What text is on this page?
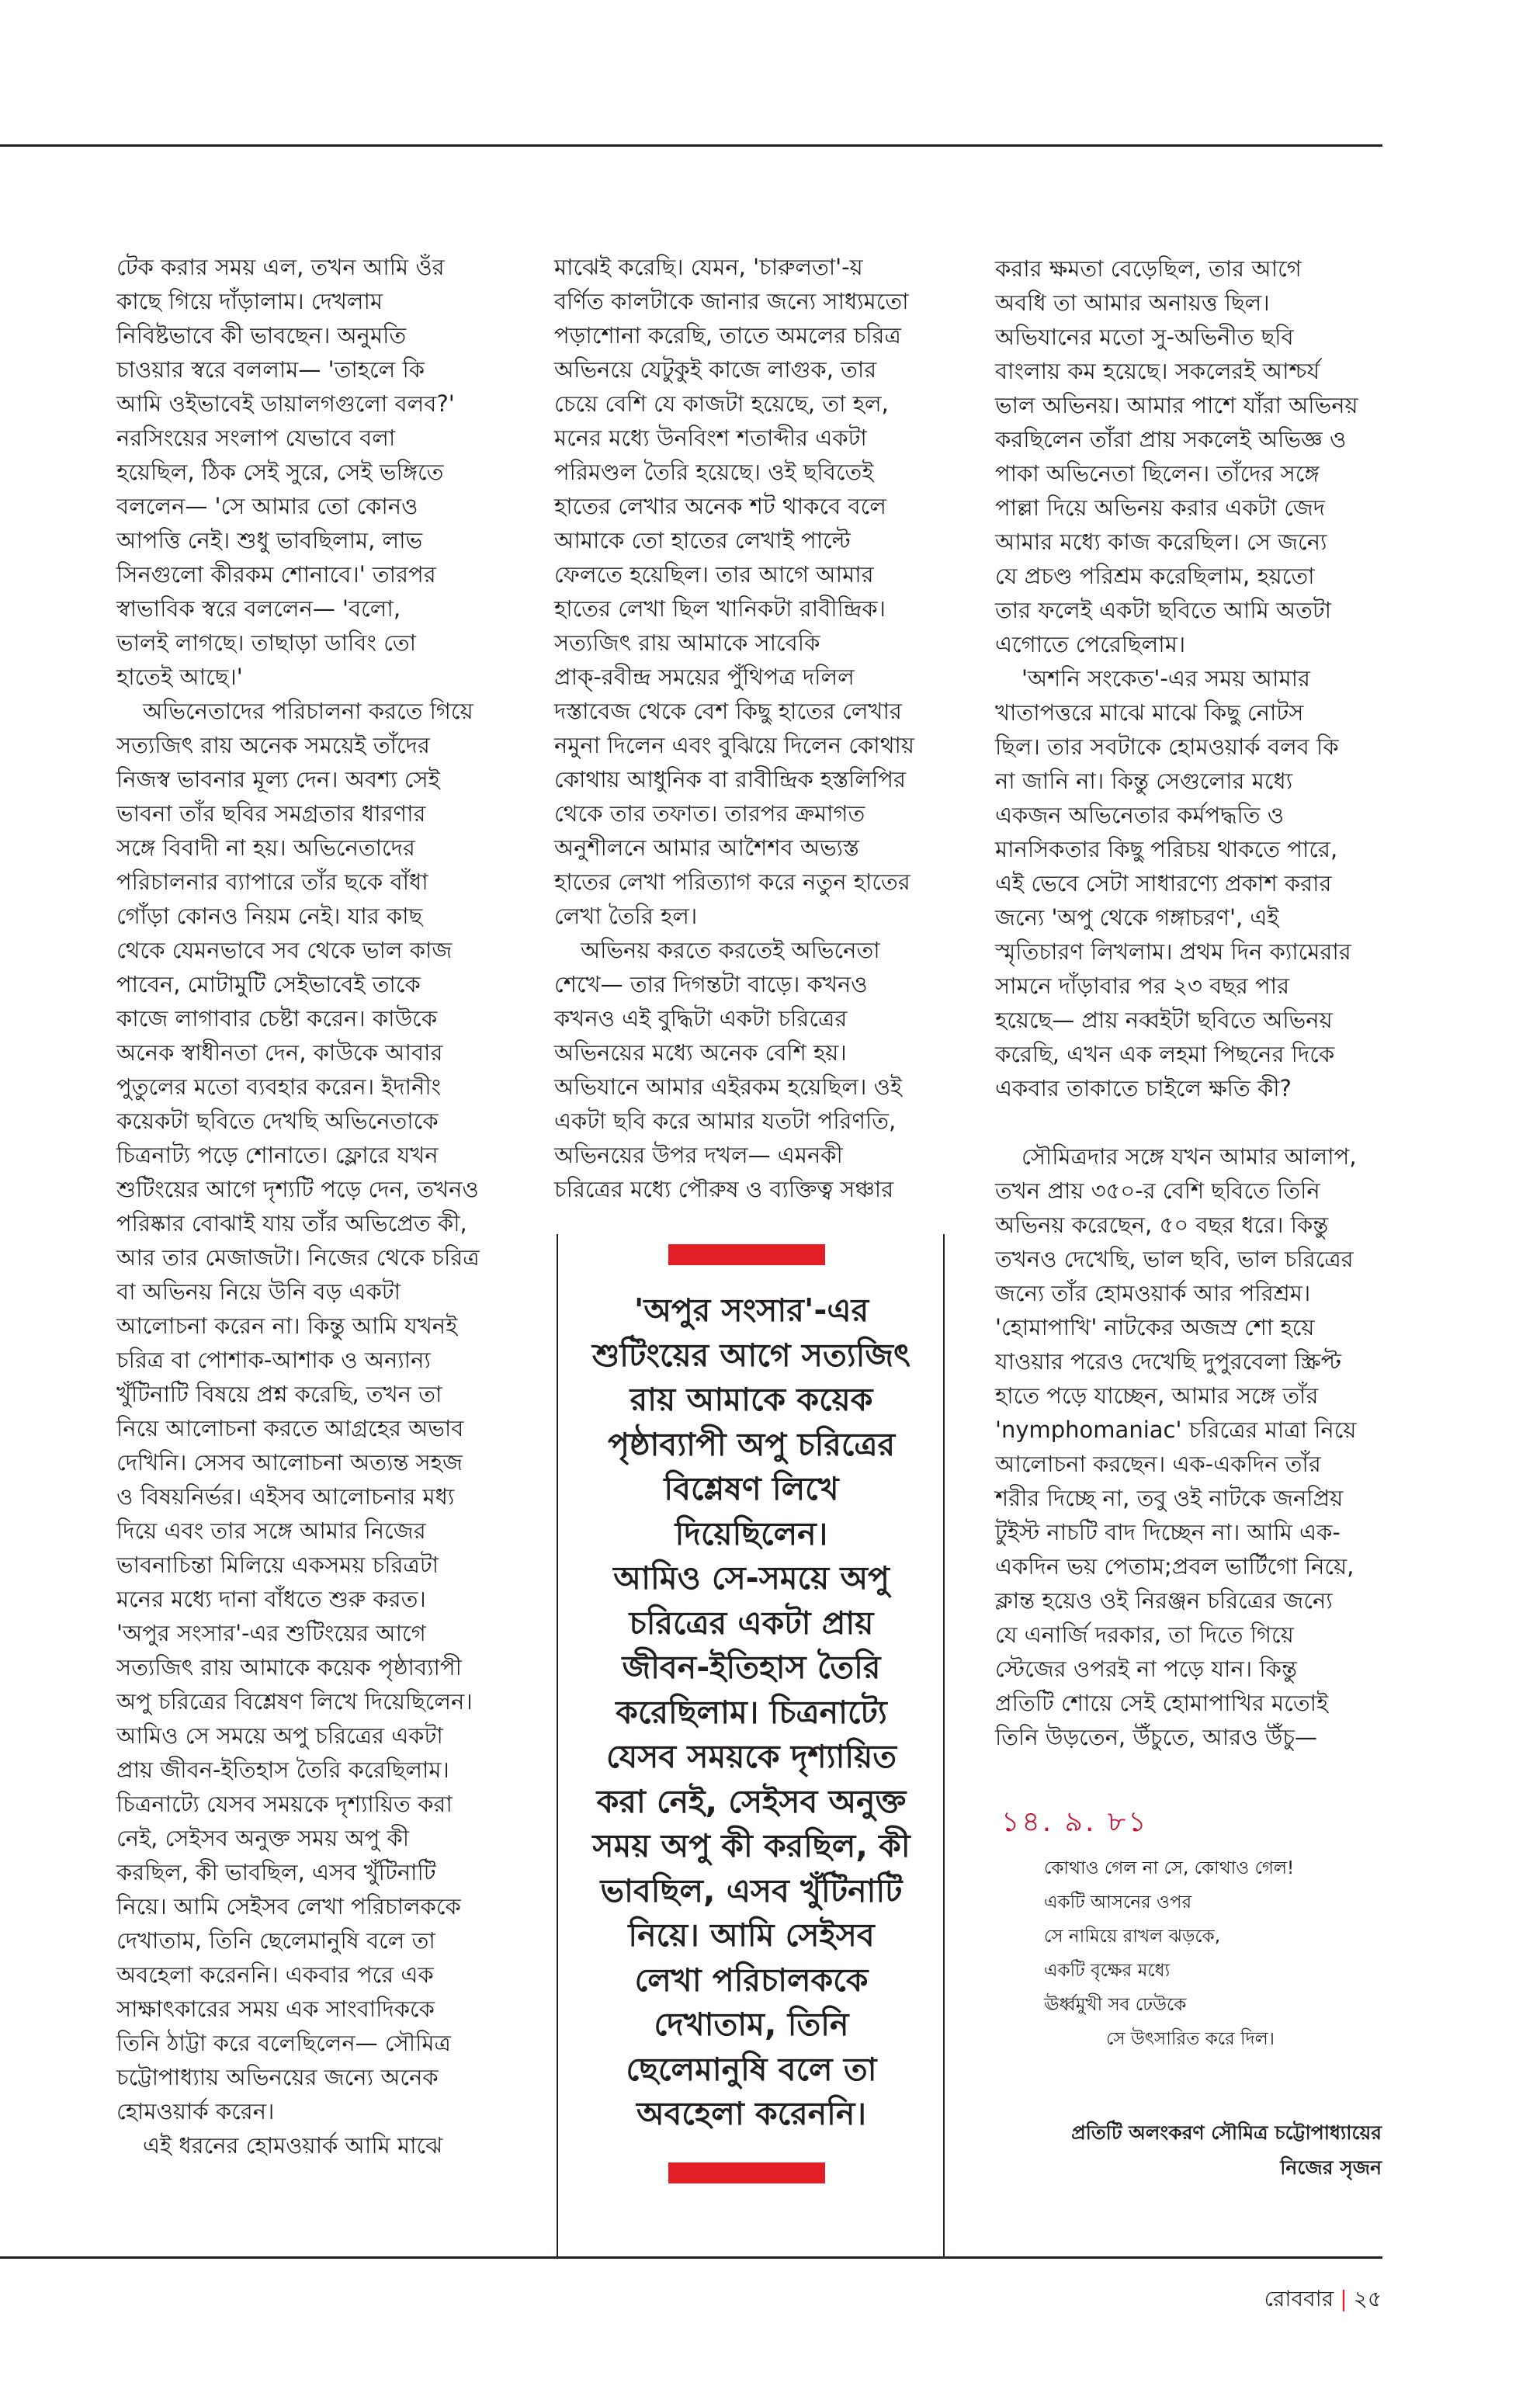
টেক করার সময় এল, তখন আমি ওঁর
কাছে গিয়ে দাঁড়ালাম। দেখলাম
নিবিষ্টভাবে কী ভাবছেন। অনুমতি
চাওয়ার স্বরে বললাম— 'তাহলে কি
আমি ওইভাবেই ডায়ালগগুলো বলব?'
নরসিংয়ের সংলাপ যেভাবে বলা
হয়েছিল, ঠিক সেই সুরে, সেই ভঙ্গিতে
বললেন— 'সে আমার তো কোনও
আপত্তি নেই। শুধু ভাবছিলাম, লাভ
সিনগুলো কীরকম শোনাবে।' তারপর
স্বাভাবিক স্বরে বললেন— 'বলো,
ভালই লাগছে। তাছাড়া ডাবিং তো
হাতেই আছে।'
অভিনেতাদের পরিচালনা করতে গিয়ে
সত্যজিৎ রায় অনেক সময়েই তাঁদের
নিজস্ব ভাবনার মূল্য দেন। অবশ্য সেই
ভাবনা তাঁর ছবির সমগ্রতার ধারণার
সঙ্গে বিবাদী না হয়। অভিনেতাদের
পরিচালনার ব্যাপারে তাঁর ছকে বাঁধা
গোঁড়া কোনও নিয়ম নেই। যার কাছ
থেকে যেমনভাবে সব থেকে ভাল কাজ
পাবেন, মোটামুটি সেইভাবেই তাকে
কাজে লাগাবার চেষ্টা করেন। কাউকে
অনেক স্বাধীনতা দেন, কাউকে আবার
পুতুলের মতো ব্যবহার করেন। ইদানীং
কয়েকটা ছবিতে দেখছি অভিনেতাকে
চিত্রনাট্য পড়ে শোনাতে। ফ্লোরে যখন
শুটিংয়ের আগে দৃশ্যটি পড়ে দেন, তখনও
পরিষ্কার বোঝাই যায় তাঁর অভিপ্রেত কী,
আর তার মেজাজটা। নিজের থেকে চরিত্র
বা অভিনয় নিয়ে উনি বড় একটা
আলোচনা করেন না। কিন্তু আমি যখনই
চরিত্র বা পোশাক-আশাক ও অন্যান্য
খুঁটিনাটি বিষয়ে প্রশ্ন করেছি, তখন তা
নিয়ে আলোচনা করতে আগ্রহের অভাব
দেখিনি। সেসব আলোচনা অত্যন্ত সহজ
ও বিষয়নির্ভর। এইসব আলোচনার মধ্য
দিয়ে এবং তার সঙ্গে আমার নিজের
ভাবনাচিন্তা মিলিয়ে একসময় চরিত্রটা
মনের মধ্যে দানা বাঁধতে শুরু করত।
'অপুর সংসার'-এর শুটিংয়ের আগে
সত্যজিৎ রায় আমাকে কয়েক পৃষ্ঠাব্যাপী
অপু চরিত্রের বিশ্লেষণ লিখে দিয়েছিলেন।
আমিও সে সময়ে অপু চরিত্রের একটা
প্রায় জীবন-ইতিহাস তৈরি করেছিলাম।
চিত্রনাট্যে যেসব সময়কে দৃশ্যায়িত করা
নেই, সেইসব অনুক্ত সময় অপু কী
করছিল, কী ভাবছিল, এসব খুঁটিনাটি
নিয়ে। আমি সেইসব লেখা পরিচালককে
দেখাতাম, তিনি ছেলেমানুষি বলে তা
অবহেলা করেননি। একবার পরে এক
সাক্ষাৎকারের সময় এক সাংবাদিককে
তিনি ঠাট্টা করে বলেছিলেন— সৌমিত্র
চট্টোপাধ্যায় অভিনয়ের জন্যে অনেক
হোমওয়ার্ক করেন।
এই ধরনের হোমওয়ার্ক আমি মাঝে
মাঝেই করেছি। যেমন, 'চারুলতা'-য়
বর্ণিত কালটাকে জানার জন্যে সাধ্যমতো
পড়াশোনা করেছি, তাতে অমলের চরিত্র
অভিনয়ে যেটুকুই কাজে লাগুক, তার
চেয়ে বেশি যে কাজটা হয়েছে, তা হল,
মনের মধ্যে উনবিংশ শতাব্দীর একটা
পরিমণ্ডল তৈরি হয়েছে। ওই ছবিতেই
হাতের লেখার অনেক শট থাকবে বলে
আমাকে তো হাতের লেখাই পাল্টে
ফেলতে হয়েছিল। তার আগে আমার
হাতের লেখা ছিল খানিকটা রাবীন্দ্রিক।
সত্যজিৎ রায় আমাকে সাবেকি
প্রাক্-রবীন্দ্র সময়ের পুঁথিপত্র দলিল
দস্তাবেজ থেকে বেশ কিছু হাতের লেখার
নমুনা দিলেন এবং বুঝিয়ে দিলেন কোথায়
কোথায় আধুনিক বা রাবীন্দ্রিক হস্তলিপির
থেকে তার তফাত। তারপর ক্রমাগত
অনুশীলনে আমার আশৈশব অভ্যস্ত
হাতের লেখা পরিত্যাগ করে নতুন হাতের
লেখা তৈরি হল।
অভিনয় করতে করতেই অভিনেতা
শেখে— তার দিগন্তটা বাড়ে। কখনও
কখনও এই বুদ্ধিটা একটা চরিত্রের
অভিনয়ের মধ্যে অনেক বেশি হয়।
অভিযানে আমার এইরকম হয়েছিল। ওই
একটা ছবি করে আমার যতটা পরিণতি,
অভিনয়ের উপর দখল— এমনকী
চরিত্রের মধ্যে পৌরুষ ও ব্যক্তিত্ব সঞ্চার
করার ক্ষমতা বেড়েছিল, তার আগে
অবধি তা আমার অনায়ত্ত ছিল।
অভিযানের মতো সু-অভিনীত ছবি
বাংলায় কম হয়েছে। সকলেরই আশ্চর্য
ভাল অভিনয়। আমার পাশে যাঁরা অভিনয়
করছিলেন তাঁরা প্রায় সকলেই অভিজ্ঞ ও
পাকা অভিনেতা ছিলেন। তাঁদের সঙ্গে
পাল্লা দিয়ে অভিনয় করার একটা জেদ
আমার মধ্যে কাজ করেছিল। সে জন্যে
যে প্রচণ্ড পরিশ্রম করেছিলাম, হয়তো
তার ফলেই একটা ছবিতে আমি অতটা
এগোতে পেরেছিলাম।
'অশনি সংকেত'-এর সময় আমার
খাতাপত্তরে মাঝে মাঝে কিছু নোটস
ছিল। তার সবটাকে হোমওয়ার্ক বলব কি
না জানি না। কিন্তু সেগুলোর মধ্যে
একজন অভিনেতার কর্মপদ্ধতি ও
মানসিকতার কিছু পরিচয় থাকতে পারে,
এই ভেবে সেটা সাধারণ্যে প্রকাশ করার
জন্যে 'অপু থেকে গঙ্গাচরণ', এই
স্মৃতিচারণ লিখলাম। প্রথম দিন ক্যামেরার
সামনে দাঁড়াবার পর ২৩ বছর পার
হয়েছে— প্রায় নব্বইটা ছবিতে অভিনয়
করেছি, এখন এক লহমা পিছনের দিকে
একবার তাকাতে চাইলে ক্ষতি কী?
সৌমিত্রদার সঙ্গে যখন আমার আলাপ,
তখন প্রায় ৩৫০-র বেশি ছবিতে তিনি
অভিনয় করেছেন, ৫০ বছর ধরে। কিন্তু
তখনও দেখেছি, ভাল ছবি, ভাল চরিত্রের
জন্যে তাঁর হোমওয়ার্ক আর পরিশ্রম।
'হোমাপাখি' নাটকের অজস্র শো হয়ে
যাওয়ার পরেও দেখেছি দুপুরবেলা স্ক্রিপ্ট
হাতে পড়ে যাচ্ছেন, আমার সঙ্গে তাঁর
'nymphomaniac' চরিত্রের মাত্রা নিয়ে
আলোচনা করছেন। এক-একদিন তাঁর
শরীর দিচ্ছে না, তবু ওই নাটকে জনপ্রিয়
টুইস্ট নাচটি বাদ দিচ্ছেন না। আমি এক-
একদিন ভয় পেতাম;প্রবল ভার্টিগো নিয়ে,
ক্লান্ত হয়েও ওই নিরঞ্জন চরিত্রের জন্যে
যে এনার্জি দরকার, তা দিতে গিয়ে
স্টেজের ওপরই না পড়ে যান। কিন্তু
প্রতিটি শোয়ে সেই হোমাপাখির মতোই
তিনি উড়তেন, উঁচুতে, আরও উঁচু—
'অপুর সংসার'-এর
শুটিংয়ের আগে সত্যজিৎ
রায় আমাকে কয়েক
পৃষ্ঠাব্যাপী অপু চরিত্রের
বিশ্লেষণ লিখে
দিয়েছিলেন।
আমিও সে-সময়ে অপু
চরিত্রের একটা প্রায়
জীবন-ইতিহাস তৈরি
করেছিলাম। চিত্রনাট্যে
যেসব সময়কে দৃশ্যায়িত
করা নেই, সেইসব অনুক্ত
সময় অপু কী করছিল, কী
ভাবছিল, এসব খুঁটিনাটি
নিয়ে। আমি সেইসব
লেখা পরিচালককে
দেখাতাম, তিনি
ছেলেমানুষি বলে তা
অবহেলা করেননি।
১৪. ৯. ৮১
কোথাও গেল না সে, কোথাও গেল!
একটি আসনের ওপর
সে নামিয়ে রাখল ঝড়কে,
একটি বৃক্ষের মধ্যে
ঊর্ধ্বমুখী সব ঢেউকে
সে উৎসারিত করে দিল।
প্রতিটি অলংকরণ সৌমিত্র চট্টোপাধ্যায়ের
নিজের সৃজন
রোববার | ২৫
